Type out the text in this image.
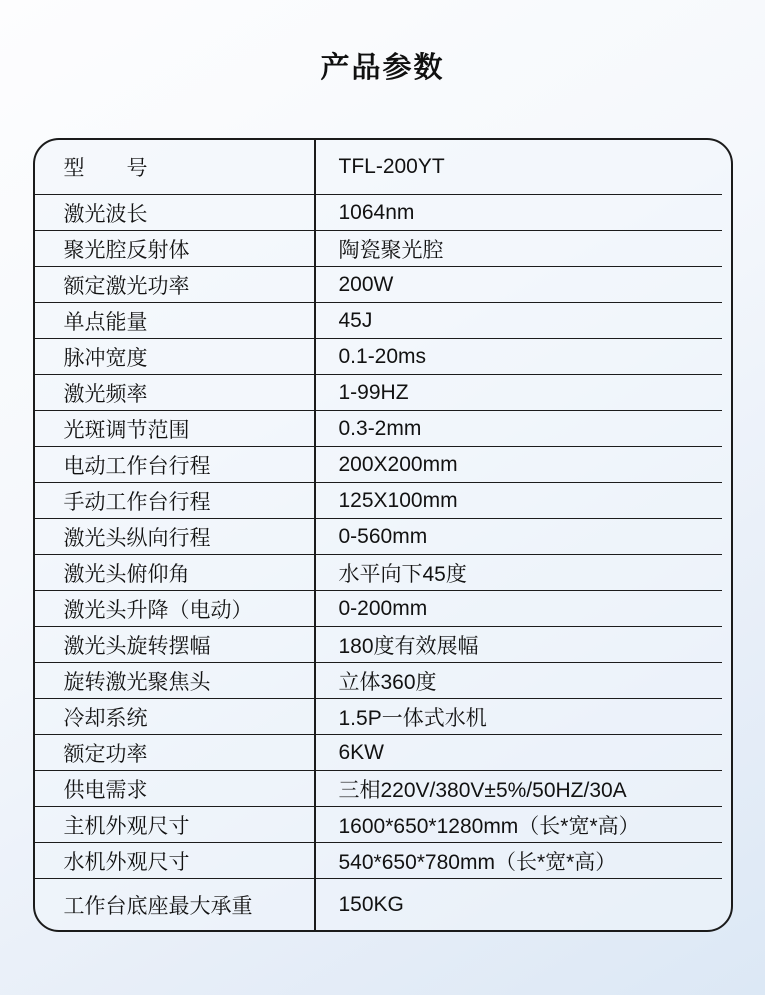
产品参数
型　　号	TFL-200YT
激光波长	1064nm
聚光腔反射体	陶瓷聚光腔
额定激光功率	200W
单点能量	45J
脉冲宽度	0.1-20ms
激光频率	1-99HZ
光斑调节范围	0.3-2mm
电动工作台行程	200X200mm
手动工作台行程	125X100mm
激光头纵向行程	0-560mm
激光头俯仰角	水平向下45度
激光头升降（电动）	0-200mm
激光头旋转摆幅	180度有效展幅
旋转激光聚焦头	立体360度
冷却系统	1.5P一体式水机
额定功率	6KW
供电需求	三相220V/380V±5%/50HZ/30A
主机外观尺寸	1600*650*1280mm（长*宽*高）
水机外观尺寸	540*650*780mm（长*宽*高）
工作台底座最大承重	150KG
